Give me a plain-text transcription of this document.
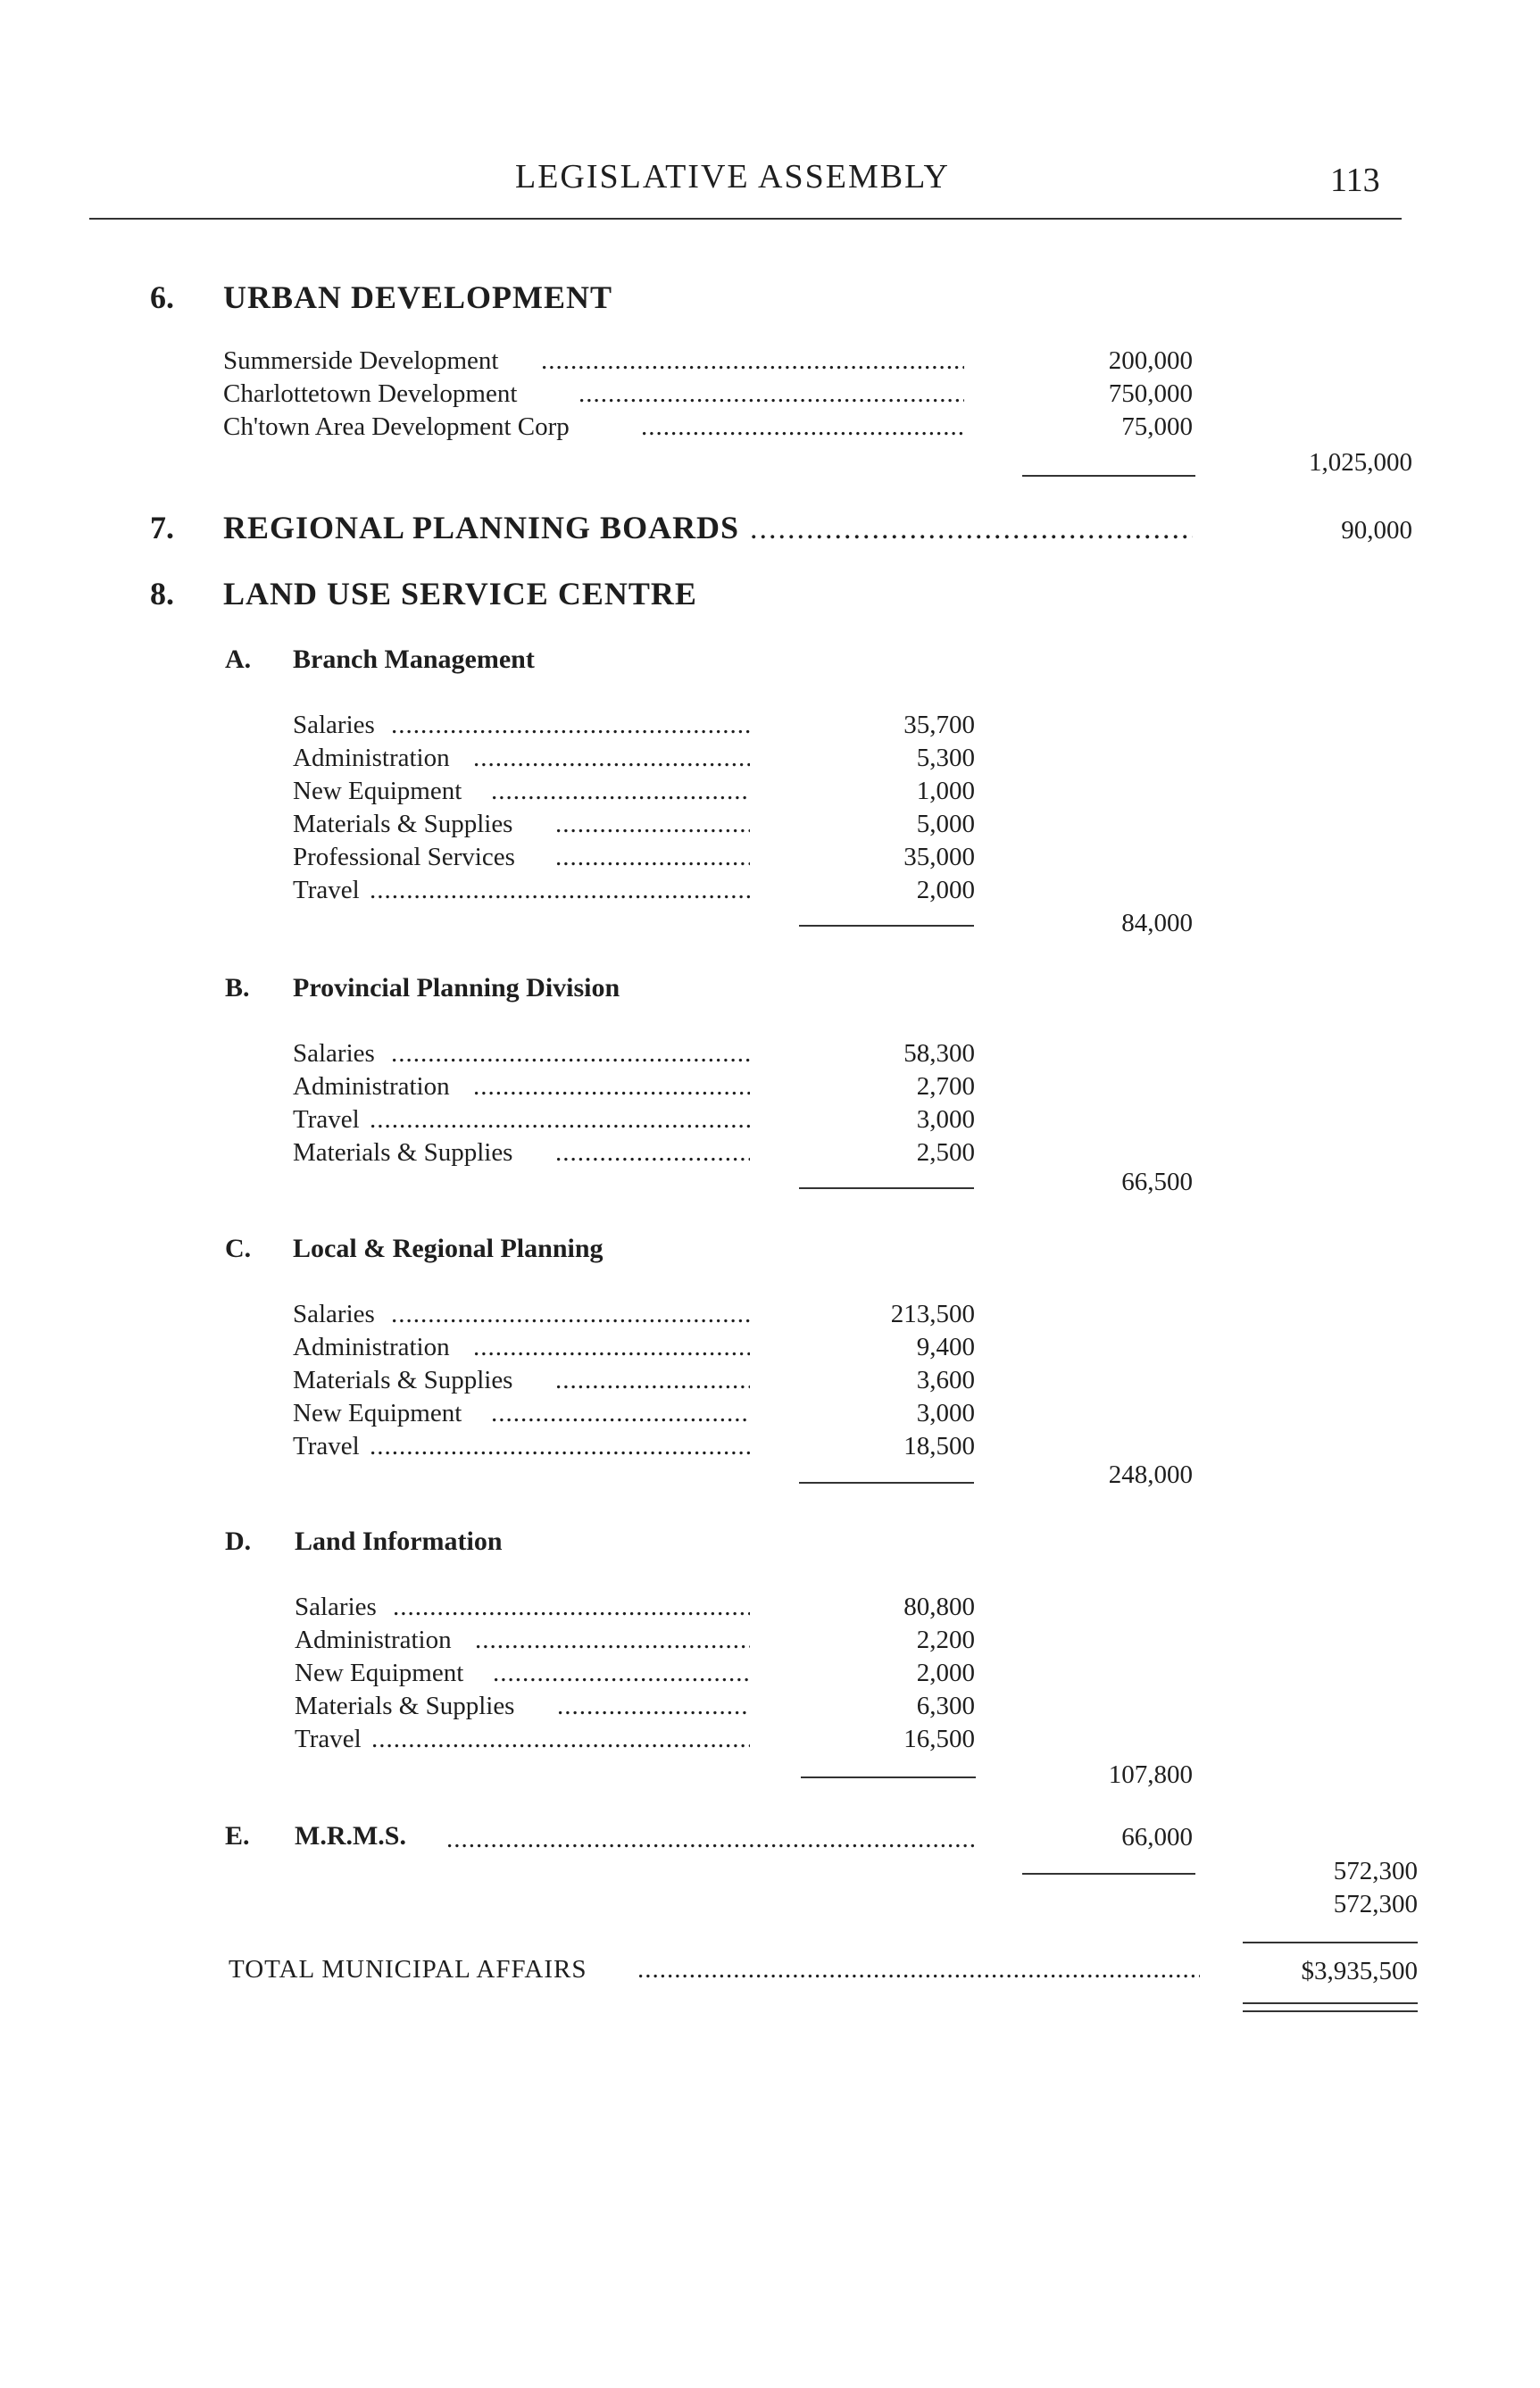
LEGISLATIVE ASSEMBLY	113
6. URBAN DEVELOPMENT
Summerside Development .....	200,000
Charlottetown Development .....	750,000
Ch'town Area Development Corp .....	75,000
1,025,000
7. REGIONAL PLANNING BOARDS .....	90,000
8. LAND USE SERVICE CENTRE
A. Branch Management
Salaries .....	35,700
Administration .....	5,300
New Equipment .....	1,000
Materials & Supplies .....	5,000
Professional Services .....	35,000
Travel .....	2,000
84,000
B. Provincial Planning Division
Salaries .....	58,300
Administration .....	2,700
Travel .....	3,000
Materials & Supplies .....	2,500
66,500
C. Local & Regional Planning
Salaries .....	213,500
Administration .....	9,400
Materials & Supplies .....	3,600
New Equipment .....	3,000
Travel .....	18,500
248,000
D. Land Information
Salaries .....	80,800
Administration .....	2,200
New Equipment .....	2,000
Materials & Supplies .....	6,300
Travel .....	16,500
107,800
E. M.R.M.S. .....	66,000
572,300
572,300
TOTAL MUNICIPAL AFFAIRS .....	$3,935,500
